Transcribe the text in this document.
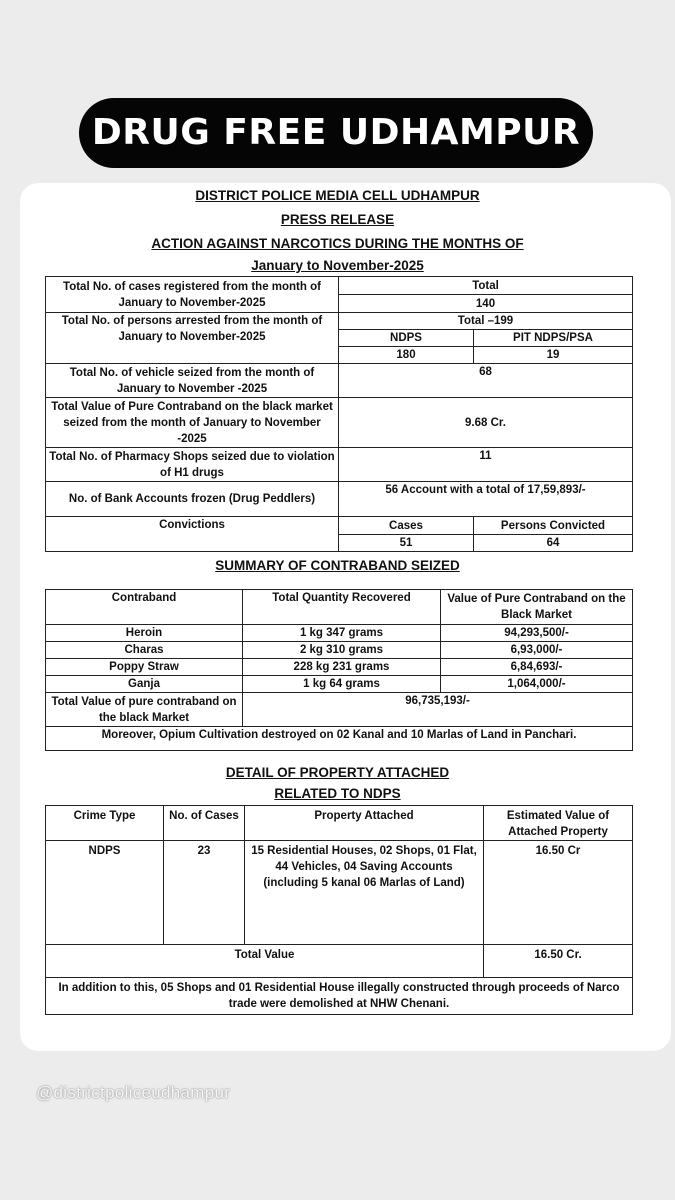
DRUG FREE UDHAMPUR
DISTRICT POLICE MEDIA CELL UDHAMPUR
PRESS RELEASE
ACTION AGAINST NARCOTICS DURING THE MONTHS OF
January to November-2025
Total No. of cases registered from the month of January to November-2025	Total	
	140	
Total No. of persons arrested from the month of January to November-2025	Total –199	
	NDPS	PIT NDPS/PSA
	180	19
Total No. of vehicle seized from the month of January to November -2025	68	
Total Value of Pure Contraband on the black market seized from the month of January to November -2025	9.68 Cr.	
Total No. of Pharmacy Shops seized due to violation of H1 drugs	11	
No. of Bank Accounts frozen (Drug Peddlers)	56 Account with a total of 17,59,893/-	
Convictions	Cases	Persons Convicted
	51	64
SUMMARY OF CONTRABAND SEIZED
Contraband	Total Quantity Recovered	Value of Pure Contraband on the Black Market
Heroin	1 kg 347 grams	94,293,500/-
Charas	2 kg 310 grams	6,93,000/-
Poppy Straw	228 kg 231 grams	6,84,693/-
Ganja	1 kg 64 grams	1,064,000/-
Total Value of pure contraband on the black Market	96,735,193/-	
Moreover, Opium Cultivation destroyed on 02 Kanal and 10 Marlas of Land in Panchari.		
DETAIL OF PROPERTY ATTACHED
RELATED TO NDPS
Crime Type	No. of Cases	Property Attached	Estimated Value of Attached Property
NDPS	23	15 Residential Houses, 02 Shops, 01 Flat, 44 Vehicles, 04 Saving Accounts (including 5 kanal 06 Marlas of Land)	16.50 Cr
Total Value			16.50 Cr.
In addition to this, 05 Shops and 01 Residential House illegally constructed through proceeds of Narco trade were demolished at NHW Chenani.			
@districtpoliceudhampur
